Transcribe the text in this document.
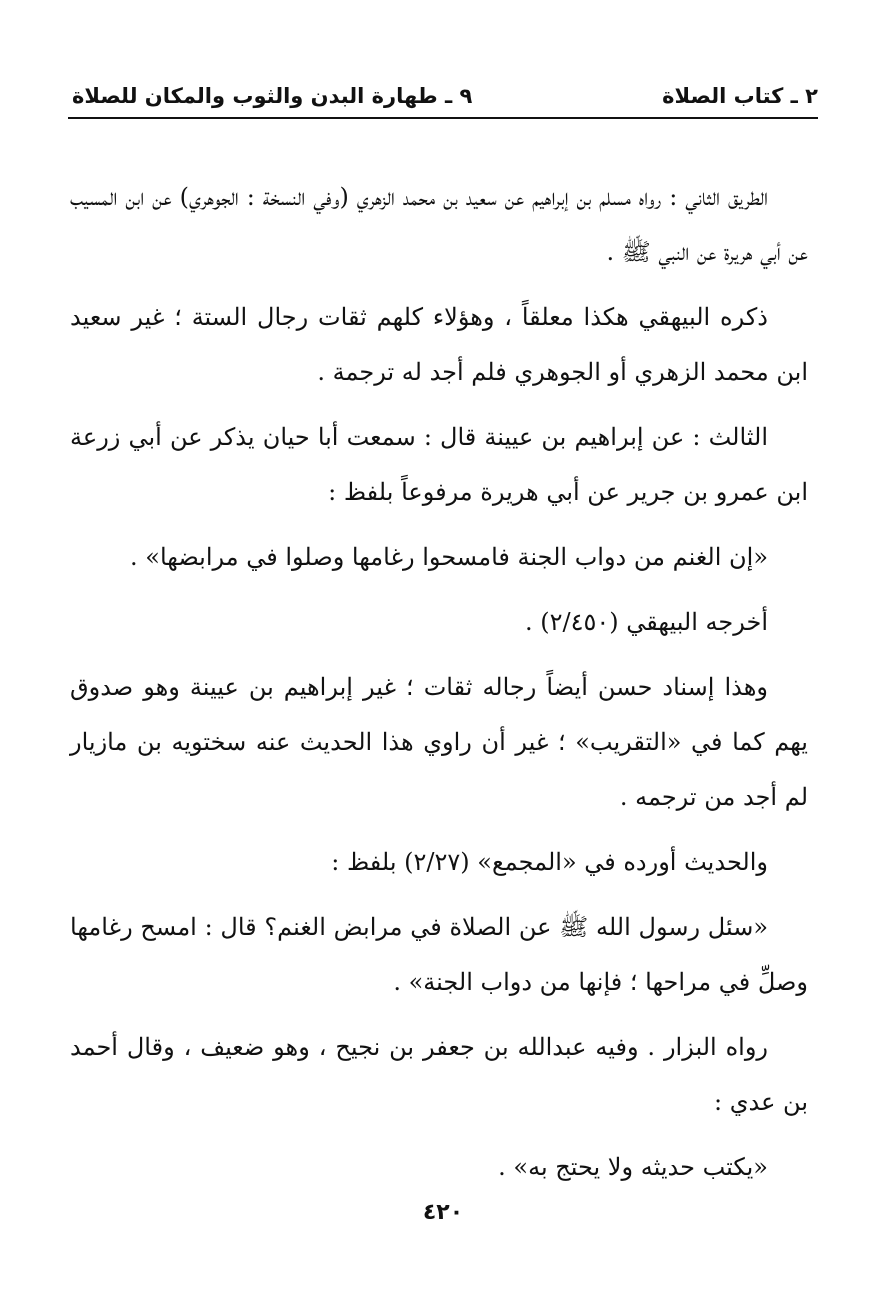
٢ ـ كتاب الصلاة
٩ ـ طهارة البدن والثوب والمكان للصلاة

الطريق الثاني : رواه مسلم بن إبراهيم عن سعيد بن محمد الزهري (وفي النسخة : الجوهري) عن ابن المسيب عن أبي هريرة عن النبي ﷺ .

ذكره البيهقي هكذا معلقاً ، وهؤلاء كلهم ثقات رجال الستة ؛ غير سعيد ابن محمد الزهري أو الجوهري فلم أجد له ترجمة .

الثالث : عن إبراهيم بن عيينة قال : سمعت أبا حيان يذكر عن أبي زرعة ابن عمرو بن جرير عن أبي هريرة مرفوعاً بلفظ :

«إن الغنم من دواب الجنة فامسحوا رغامها وصلوا في مرابضها» .

أخرجه البيهقي (٢/٤٥٠) .

وهذا إسناد حسن أيضاً رجاله ثقات ؛ غير إبراهيم بن عيينة وهو صدوق يهم كما في «التقريب» ؛ غير أن راوي هذا الحديث عنه سختويه بن مازيار لم أجد من ترجمه .

والحديث أورده في «المجمع» (٢/٢٧) بلفظ :

«سئل رسول الله ﷺ عن الصلاة في مرابض الغنم؟ قال : امسح رغامها وصلِّ في مراحها ؛ فإنها من دواب الجنة» .

رواه البزار . وفيه عبدالله بن جعفر بن نجيح ، وهو ضعيف ، وقال أحمد بن عدي :

«يكتب حديثه ولا يحتج به» .

٤٢٠
